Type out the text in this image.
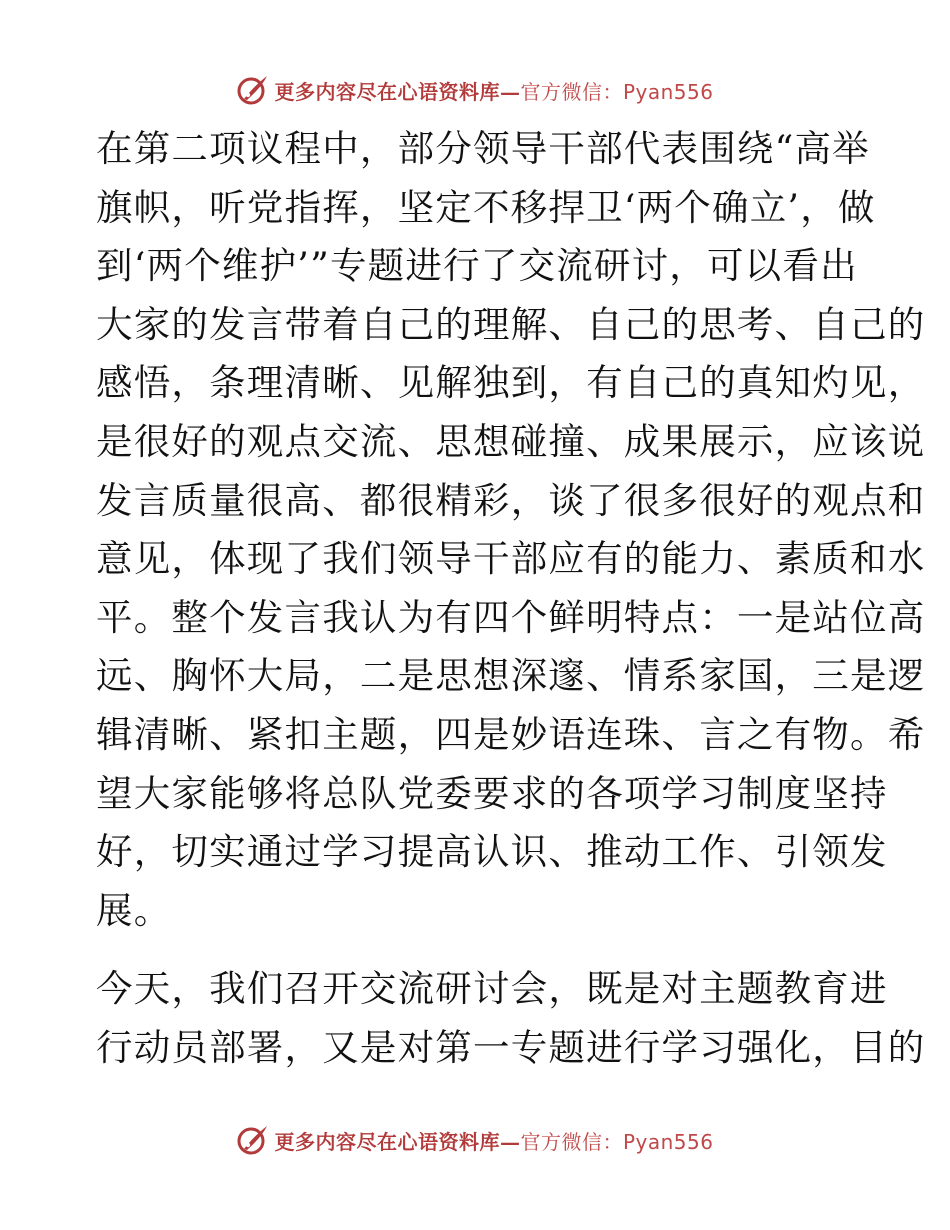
更多内容尽在心语资料库—官方微信：Pyan556

在第二项议程中，部分领导干部代表围绕“高举
旗帜，听党指挥，坚定不移捍卫‘两个确立’，做
到‘两个维护’”专题进行了交流研讨，可以看出
大家的发言带着自己的理解、自己的思考、自己的
感悟，条理清晰、见解独到，有自己的真知灼见，
是很好的观点交流、思想碰撞、成果展示，应该说
发言质量很高、都很精彩，谈了很多很好的观点和
意见，体现了我们领导干部应有的能力、素质和水
平。整个发言我认为有四个鲜明特点：一是站位高
远、胸怀大局，二是思想深邃、情系家国，三是逻
辑清晰、紧扣主题，四是妙语连珠、言之有物。希
望大家能够将总队党委要求的各项学习制度坚持
好，切实通过学习提高认识、推动工作、引领发
展。

今天，我们召开交流研讨会，既是对主题教育进
行动员部署，又是对第一专题进行学习强化，目的

更多内容尽在心语资料库—官方微信：Pyan556
